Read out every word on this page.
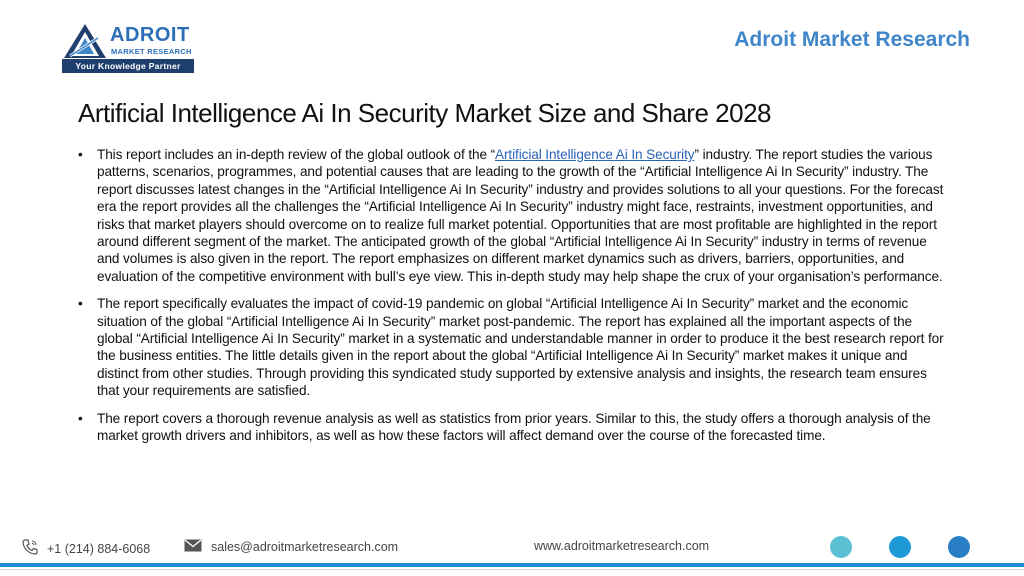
ADROIT
MARKET RESEARCH
Your Knowledge Partner
Adroit Market Research
Artificial Intelligence Ai In Security Market Size and Share 2028
• This report includes an in-depth review of the global outlook of the “Artificial Intelligence Ai In Security” industry. The report studies the various patterns, scenarios, programmes, and potential causes that are leading to the growth of the “Artificial Intelligence Ai In Security” industry. The report discusses latest changes in the “Artificial Intelligence Ai In Security” industry and provides solutions to all your questions. For the forecast era the report provides all the challenges the “Artificial Intelligence Ai In Security” industry might face, restraints, investment opportunities, and risks that market players should overcome on to realize full market potential. Opportunities that are most profitable are highlighted in the report around different segment of the market. The anticipated growth of the global “Artificial Intelligence Ai In Security” industry in terms of revenue and volumes is also given in the report. The report emphasizes on different market dynamics such as drivers, barriers, opportunities, and evaluation of the competitive environment with bull’s eye view. This in-depth study may help shape the crux of your organisation’s performance.
• The report specifically evaluates the impact of covid-19 pandemic on global “Artificial Intelligence Ai In Security” market and the economic situation of the global “Artificial Intelligence Ai In Security” market post-pandemic. The report has explained all the important aspects of the global “Artificial Intelligence Ai In Security” market in a systematic and understandable manner in order to produce it the best research report for the business entities. The little details given in the report about the global “Artificial Intelligence Ai In Security” market makes it unique and distinct from other studies. Through providing this syndicated study supported by extensive analysis and insights, the research team ensures that your requirements are satisfied.
• The report covers a thorough revenue analysis as well as statistics from prior years. Similar to this, the study offers a thorough analysis of the market growth drivers and inhibitors, as well as how these factors will affect demand over the course of the forecasted time.
+1 (214) 884-6068	sales@adroitmarketresearch.com	www.adroitmarketresearch.com
